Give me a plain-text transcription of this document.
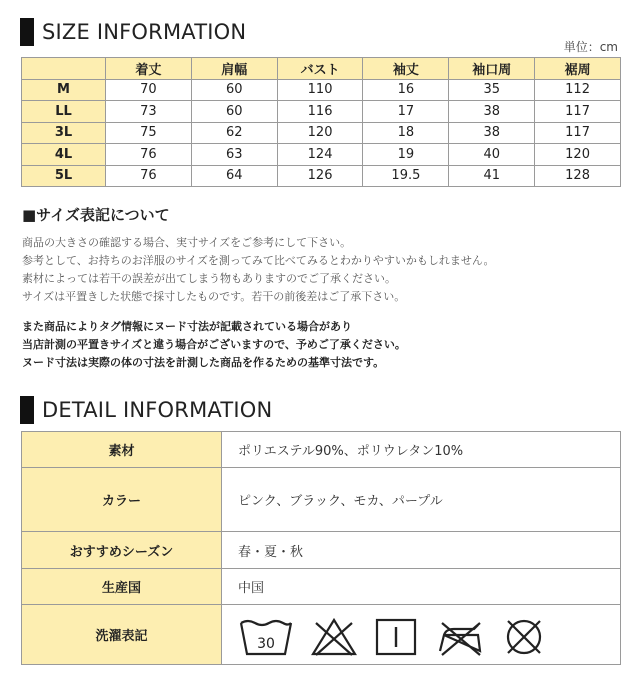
SIZE INFORMATION
単位：cm
	着丈	肩幅	バスト	袖丈	袖口周	裾周
M	70	60	110	16	35	112
LL	73	60	116	17	38	117
3L	75	62	120	18	38	117
4L	76	63	124	19	40	120
5L	76	64	126	19.5	41	128
■サイズ表記について
商品の大きさの確認する場合、実寸サイズをご参考にして下さい。
参考として、お持ちのお洋服のサイズを測ってみて比べてみるとわかりやすいかもしれません。
素材によっては若干の誤差が出てしまう物もありますのでご了承ください。
サイズは平置きした状態で採寸したものです。若干の前後差はご了承下さい。
また商品によりタグ情報にヌード寸法が記載されている場合があり
当店計測の平置きサイズと違う場合がございますので、予めご了承ください。
ヌード寸法は実際の体の寸法を計測した商品を作るための基準寸法です。
DETAIL INFORMATION
素材	ポリエステル90%、ポリウレタン10%
カラー	ピンク、ブラック、モカ、パープル
おすすめシーズン	春・夏・秋
生産国	中国
洗濯表記	30
